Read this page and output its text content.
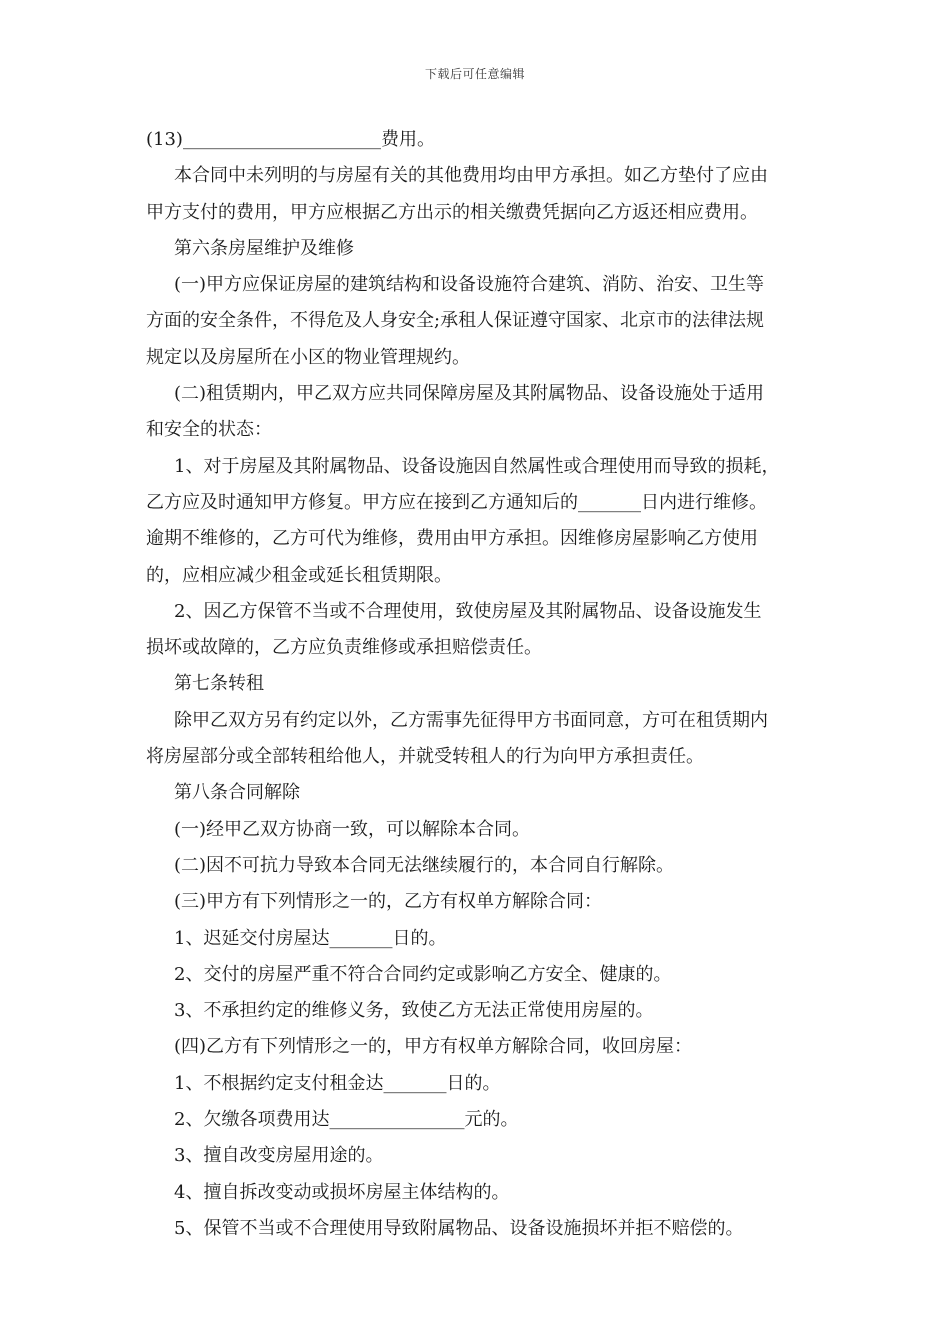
下载后可任意编辑
(13)______________________费用。
本合同中未列明的与房屋有关的其他费用均由甲方承担。如乙方垫付了应由
甲方支付的费用，甲方应根据乙方出示的相关缴费凭据向乙方返还相应费用。
第六条房屋维护及维修
(一)甲方应保证房屋的建筑结构和设备设施符合建筑、消防、治安、卫生等
方面的安全条件，不得危及人身安全;承租人保证遵守国家、北京市的法律法规
规定以及房屋所在小区的物业管理规约。
(二)租赁期内，甲乙双方应共同保障房屋及其附属物品、设备设施处于适用
和安全的状态：
1、对于房屋及其附属物品、设备设施因自然属性或合理使用而导致的损耗，
乙方应及时通知甲方修复。甲方应在接到乙方通知后的_______日内进行维修。
逾期不维修的，乙方可代为维修，费用由甲方承担。因维修房屋影响乙方使用
的，应相应减少租金或延长租赁期限。
2、因乙方保管不当或不合理使用，致使房屋及其附属物品、设备设施发生
损坏或故障的，乙方应负责维修或承担赔偿责任。
第七条转租
除甲乙双方另有约定以外，乙方需事先征得甲方书面同意，方可在租赁期内
将房屋部分或全部转租给他人，并就受转租人的行为向甲方承担责任。
第八条合同解除
(一)经甲乙双方协商一致，可以解除本合同。
(二)因不可抗力导致本合同无法继续履行的，本合同自行解除。
(三)甲方有下列情形之一的，乙方有权单方解除合同：
1、迟延交付房屋达_______日的。
2、交付的房屋严重不符合合同约定或影响乙方安全、健康的。
3、不承担约定的维修义务，致使乙方无法正常使用房屋的。
(四)乙方有下列情形之一的，甲方有权单方解除合同，收回房屋：
1、不根据约定支付租金达_______日的。
2、欠缴各项费用达_______________元的。
3、擅自改变房屋用途的。
4、擅自拆改变动或损坏房屋主体结构的。
5、保管不当或不合理使用导致附属物品、设备设施损坏并拒不赔偿的。
